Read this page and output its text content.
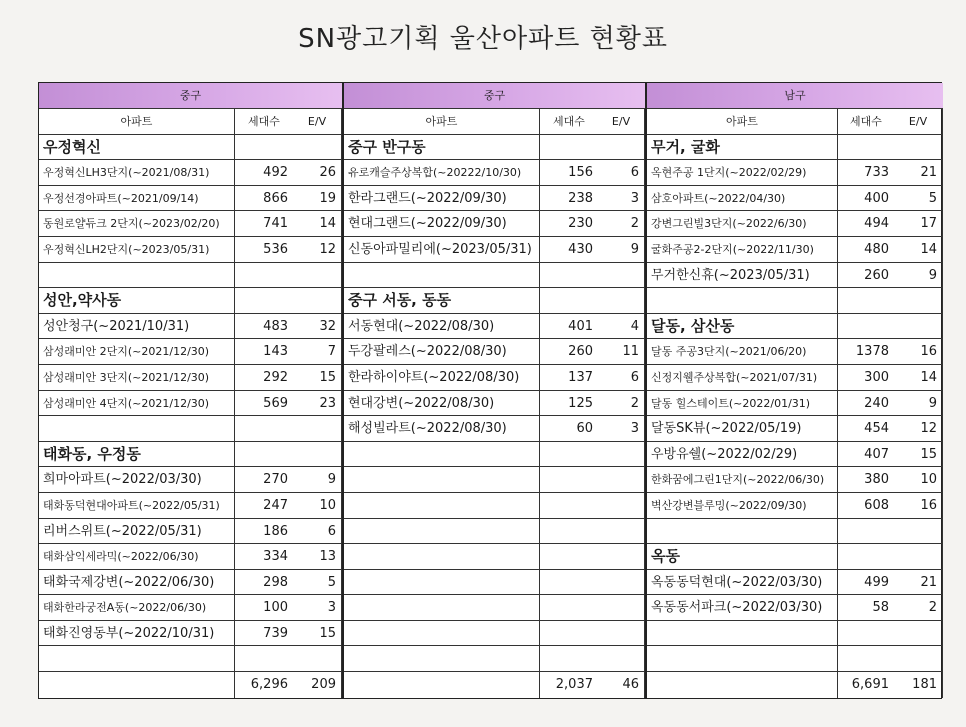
SN광고기획 울산아파트 현황표
중구
아파트	세대수	E/V
우정혁신
우정혁신LH3단지(~2021/08/31)	492	26
우정선경아파트(~2021/09/14)	866	19
동원로얄듀크 2단지(~2023/02/20)	741	14
우정혁신LH2단지(~2023/05/31)	536	12
성안,약사동
성안청구(~2021/10/31)	483	32
삼성래미안 2단지(~2021/12/30)	143	7
삼성래미안 3단지(~2021/12/30)	292	15
삼성래미안 4단지(~2021/12/30)	569	23
태화동, 우정동
희마아파트(~2022/03/30)	270	9
태화동덕현대아파트(~2022/05/31)	247	10
리버스위트(~2022/05/31)	186	6
태화삼익세라믹(~2022/06/30)	334	13
태화국제강변(~2022/06/30)	298	5
태화한라궁전A동(~2022/06/30)	100	3
태화진영동부(~2022/10/31)	739	15
6,296	209
중구
아파트	세대수	E/V
중구 반구동
유로캐슬주상복합(~20222/10/30)	156	6
한라그랜드(~2022/09/30)	238	3
현대그랜드(~2022/09/30)	230	2
신동아파밀리에(~2023/05/31)	430	9
중구 서동, 동동
서동현대(~2022/08/30)	401	4
두강팔레스(~2022/08/30)	260	11
한라하이야트(~2022/08/30)	137	6
현대강변(~2022/08/30)	125	2
해성빌라트(~2022/08/30)	60	3
2,037	46
남구
아파트	세대수	E/V
무거, 굴화
옥현주공 1단지(~2022/02/29)	733	21
삼호아파트(~2022/04/30)	400	5
강변그린빌3단지(~2022/6/30)	494	17
굴화주공2-2단지(~2022/11/30)	480	14
무거한신휴(~2023/05/31)	260	9
달동, 삼산동
달동 주공3단지(~2021/06/20)	1378	16
신정지웰주상복합(~2021/07/31)	300	14
달동 힐스테이트(~2022/01/31)	240	9
달동SK뷰(~2022/05/19)	454	12
우방유쉘(~2022/02/29)	407	15
한화꿈에그린1단지(~2022/06/30)	380	10
벽산강변블루밍(~2022/09/30)	608	16
옥동
옥동동덕현대(~2022/03/30)	499	21
옥동동서파크(~2022/03/30)	58	2
6,691	181
